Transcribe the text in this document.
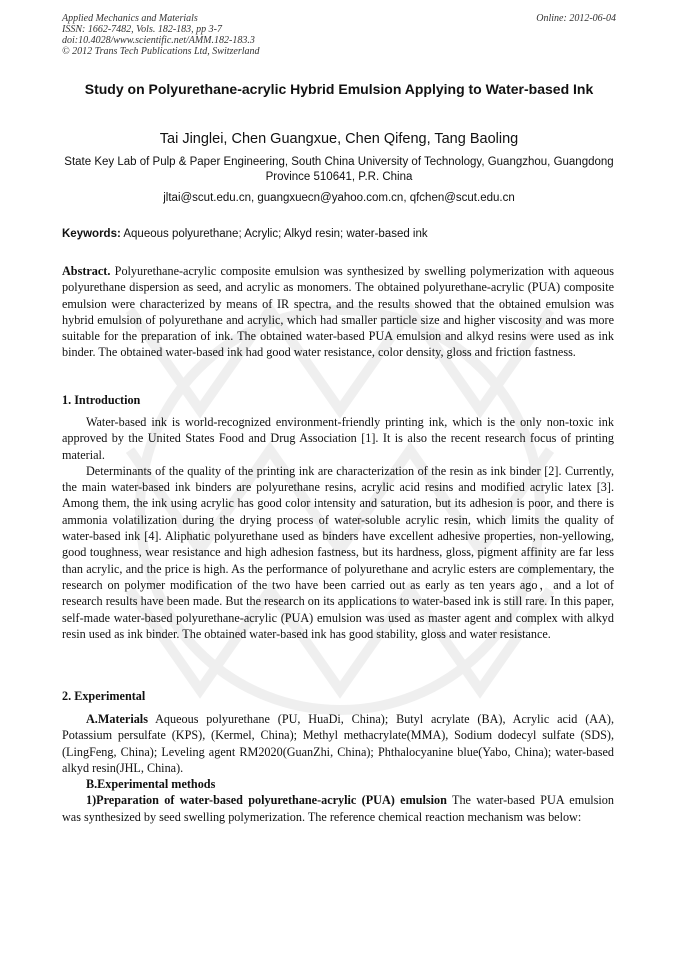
Applied Mechanics and Materials
ISSN: 1662-7482, Vols. 182-183, pp 3-7
doi:10.4028/www.scientific.net/AMM.182-183.3
© 2012 Trans Tech Publications Ltd, Switzerland
Online: 2012-06-04
Study on Polyurethane-acrylic Hybrid Emulsion Applying to Water-based Ink
Tai Jinglei, Chen Guangxue, Chen Qifeng, Tang Baoling
State Key Lab of Pulp & Paper Engineering, South China University of Technology, Guangzhou, Guangdong Province 510641, P.R. China
jltai@scut.edu.cn, guangxuecn@yahoo.com.cn, qfchen@scut.edu.cn
Keywords: Aqueous polyurethane; Acrylic; Alkyd resin; water-based ink
Abstract. Polyurethane-acrylic composite emulsion was synthesized by swelling polymerization with aqueous polyurethane dispersion as seed, and acrylic as monomers. The obtained polyurethane-acrylic (PUA) composite emulsion were characterized by means of IR spectra, and the results showed that the obtained emulsion was hybrid emulsion of polyurethane and acrylic, which had smaller particle size and higher viscosity and was more suitable for the preparation of ink. The obtained water-based PUA emulsion and alkyd resins were used as ink binder. The obtained water-based ink had good water resistance, color density, gloss and friction fastness.
1. Introduction

Water-based ink is world-recognized environment-friendly printing ink, which is the only non-toxic ink approved by the United States Food and Drug Association [1]. It is also the recent research focus of printing material.

Determinants of the quality of the printing ink are characterization of the resin as ink binder [2]. Currently, the main water-based ink binders are polyurethane resins, acrylic acid resins and modified acrylic latex [3]. Among them, the ink using acrylic has good color intensity and saturation, but its adhesion is poor, and there is ammonia volatilization during the drying process of water-soluble acrylic resin, which limits the quality of water-based ink [4]. Aliphatic polyurethane used as binders have excellent adhesive properties, non-yellowing, good toughness, wear resistance and high adhesion fastness, but its hardness, gloss, pigment affinity are far less than acrylic, and the price is high. As the performance of polyurethane and acrylic esters are complementary, the research on polymer modification of the two have been carried out as early as ten years ago，and a lot of research results have been made. But the research on its applications to water-based ink is still rare. In this paper, self-made water-based polyurethane-acrylic (PUA) emulsion was used as master agent and complex with alkyd resin used as ink binder. The obtained water-based ink has good stability, gloss and water resistance.

2. Experimental

A.Materials Aqueous polyurethane (PU, HuaDi, China); Butyl acrylate (BA), Acrylic acid (AA), Potassium persulfate (KPS), (Kermel, China); Methyl methacrylate(MMA), Sodium dodecyl sulfate (SDS), (LingFeng, China); Leveling agent RM2020(GuanZhi, China); Phthalocyanine blue(Yabo, China); water-based alkyd resin(JHL, China).

B.Experimental methods

1)Preparation of water-based polyurethane-acrylic (PUA) emulsion The water-based PUA emulsion was synthesized by seed swelling polymerization. The reference chemical reaction mechanism was below:
